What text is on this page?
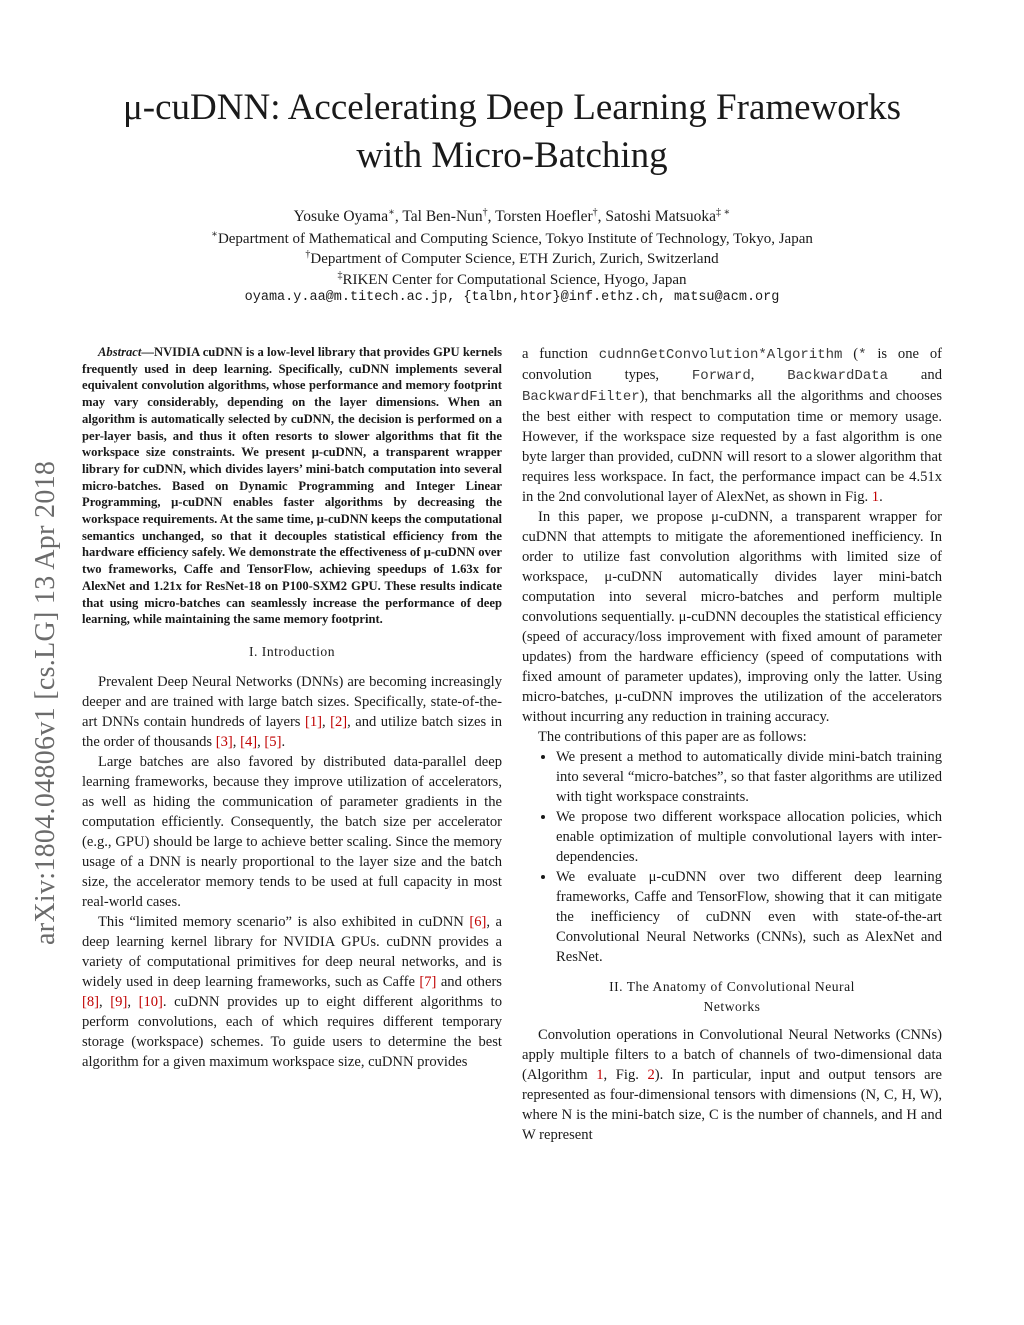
μ-cuDNN: Accelerating Deep Learning Frameworks
with Micro-Batching
Yosuke Oyama∗, Tal Ben-Nun†, Torsten Hoefler†, Satoshi Matsuoka‡ ∗
∗Department of Mathematical and Computing Science, Tokyo Institute of Technology, Tokyo, Japan
†Department of Computer Science, ETH Zurich, Zurich, Switzerland
‡RIKEN Center for Computational Science, Hyogo, Japan
oyama.y.aa@m.titech.ac.jp, {talbn,htor}@inf.ethz.ch, matsu@acm.org
arXiv:1804.04806v1 [cs.LG] 13 Apr 2018

Abstract—NVIDIA cuDNN is a low-level library that provides GPU kernels frequently used in deep learning. Specifically, cuDNN implements several equivalent convolution algorithms, whose performance and memory footprint may vary considerably, depending on the layer dimensions. When an algorithm is automatically selected by cuDNN, the decision is performed on a per-layer basis, and thus it often resorts to slower algorithms that fit the workspace size constraints. We present μ-cuDNN, a transparent wrapper library for cuDNN, which divides layers’ mini-batch computation into several micro-batches. Based on Dynamic Programming and Integer Linear Programming, μ-cuDNN enables faster algorithms by decreasing the workspace requirements. At the same time, μ-cuDNN keeps the computational semantics unchanged, so that it decouples statistical efficiency from the hardware efficiency safely. We demonstrate the effectiveness of μ-cuDNN over two frameworks, Caffe and TensorFlow, achieving speedups of 1.63x for AlexNet and 1.21x for ResNet-18 on P100-SXM2 GPU. These results indicate that using micro-batches can seamlessly increase the performance of deep learning, while maintaining the same memory footprint.

I. Introduction

Prevalent Deep Neural Networks (DNNs) are becoming increasingly deeper and are trained with large batch sizes. Specifically, state-of-the-art DNNs contain hundreds of layers [1], [2], and utilize batch sizes in the order of thousands [3], [4], [5].

Large batches are also favored by distributed data-parallel deep learning frameworks, because they improve utilization of accelerators, as well as hiding the communication of parameter gradients in the computation efficiently. Consequently, the batch size per accelerator (e.g., GPU) should be large to achieve better scaling. Since the memory usage of a DNN is nearly proportional to the layer size and the batch size, the accelerator memory tends to be used at full capacity in most real-world cases.

This “limited memory scenario” is also exhibited in cuDNN [6], a deep learning kernel library for NVIDIA GPUs. cuDNN provides a variety of computational primitives for deep neural networks, and is widely used in deep learning frameworks, such as Caffe [7] and others [8], [9], [10]. cuDNN provides up to eight different algorithms to perform convolutions, each of which requires different temporary storage (workspace) schemes. To guide users to determine the best algorithm for a given maximum workspace size, cuDNN provides

a function cudnnGetConvolution*Algorithm (* is one of convolution types, Forward, BackwardData and BackwardFilter), that benchmarks all the algorithms and chooses the best either with respect to computation time or memory usage. However, if the workspace size requested by a fast algorithm is one byte larger than provided, cuDNN will resort to a slower algorithm that requires less workspace. In fact, the performance impact can be 4.51x in the 2nd convolutional layer of AlexNet, as shown in Fig. 1.

In this paper, we propose μ-cuDNN, a transparent wrapper for cuDNN that attempts to mitigate the aforementioned inefficiency. In order to utilize fast convolution algorithms with limited size of workspace, μ-cuDNN automatically divides layer mini-batch computation into several micro-batches and perform multiple convolutions sequentially. μ-cuDNN decouples the statistical efficiency (speed of accuracy/loss improvement with fixed amount of parameter updates) from the hardware efficiency (speed of computations with fixed amount of parameter updates), improving only the latter. Using micro-batches, μ-cuDNN improves the utilization of the accelerators without incurring any reduction in training accuracy.

The contributions of this paper are as follows:

• We present a method to automatically divide mini-batch training into several “micro-batches”, so that faster algorithms are utilized with tight workspace constraints.
• We propose two different workspace allocation policies, which enable optimization of multiple convolutional layers with inter-dependencies.
• We evaluate μ-cuDNN over two different deep learning frameworks, Caffe and TensorFlow, showing that it can mitigate the inefficiency of cuDNN even with state-of-the-art Convolutional Neural Networks (CNNs), such as AlexNet and ResNet.

II. The Anatomy of Convolutional Neural
Networks

Convolution operations in Convolutional Neural Networks (CNNs) apply multiple filters to a batch of channels of two-dimensional data (Algorithm 1, Fig. 2). In particular, input and output tensors are represented as four-dimensional tensors with dimensions (N, C, H, W), where N is the mini-batch size, C is the number of channels, and H and W represent
